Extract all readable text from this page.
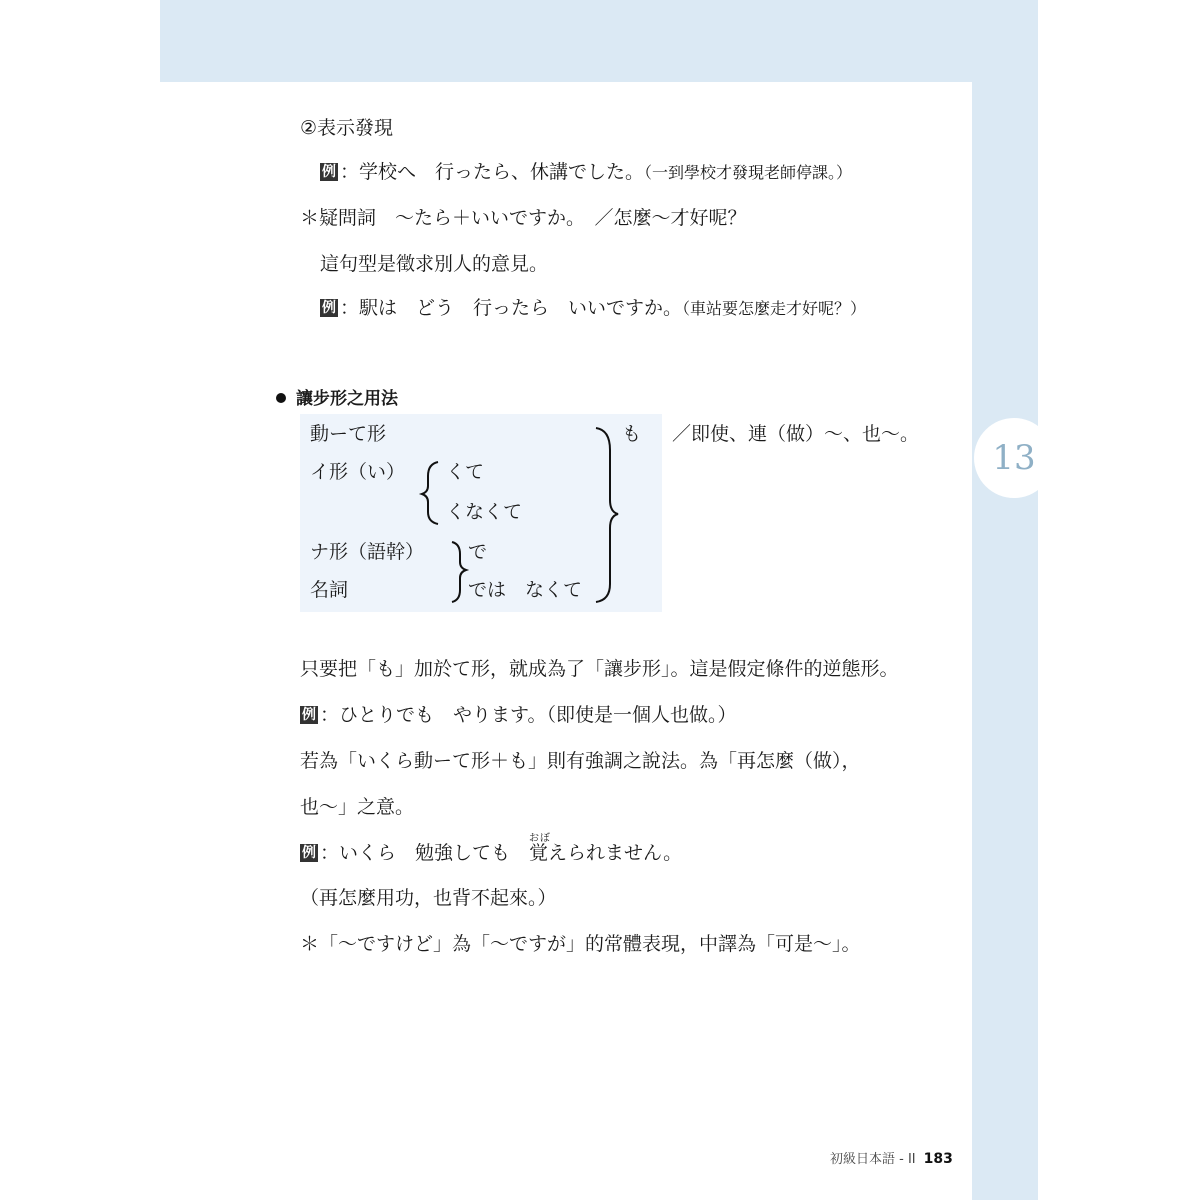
13
②表示發現
例 ：学校へ　行ったら、休講でした。（一到學校才發現老師停課。）
＊疑問詞　～たら＋いいですか。　／怎麼～才好呢？
這句型是徵求別人的意見。
例 ：駅は　どう　行ったら　いいですか。（車站要怎麼走才好呢？）
讓步形之用法
動ーて形	も
イ形（い） くて
くなくて
ナ形（語幹） で
名詞	では　なくて
／即使、連（做）～、也～。
只要把「も」加於て形，就成為了「讓步形」。這是假定條件的逆態形。
例 ：ひとりでも　やります。（即使是一個人也做。）
若為「いくら動ーて形＋も」則有強調之說法。為「再怎麼（做），
也～」之意。
例 ：いくら　勉強しても　
おぼ
覚えられません。
（再怎麼用功，也背不起來。）
＊「～ですけど」為「～ですが」的常體表現，中譯為「可是～」。
初級日本語 - II 183
